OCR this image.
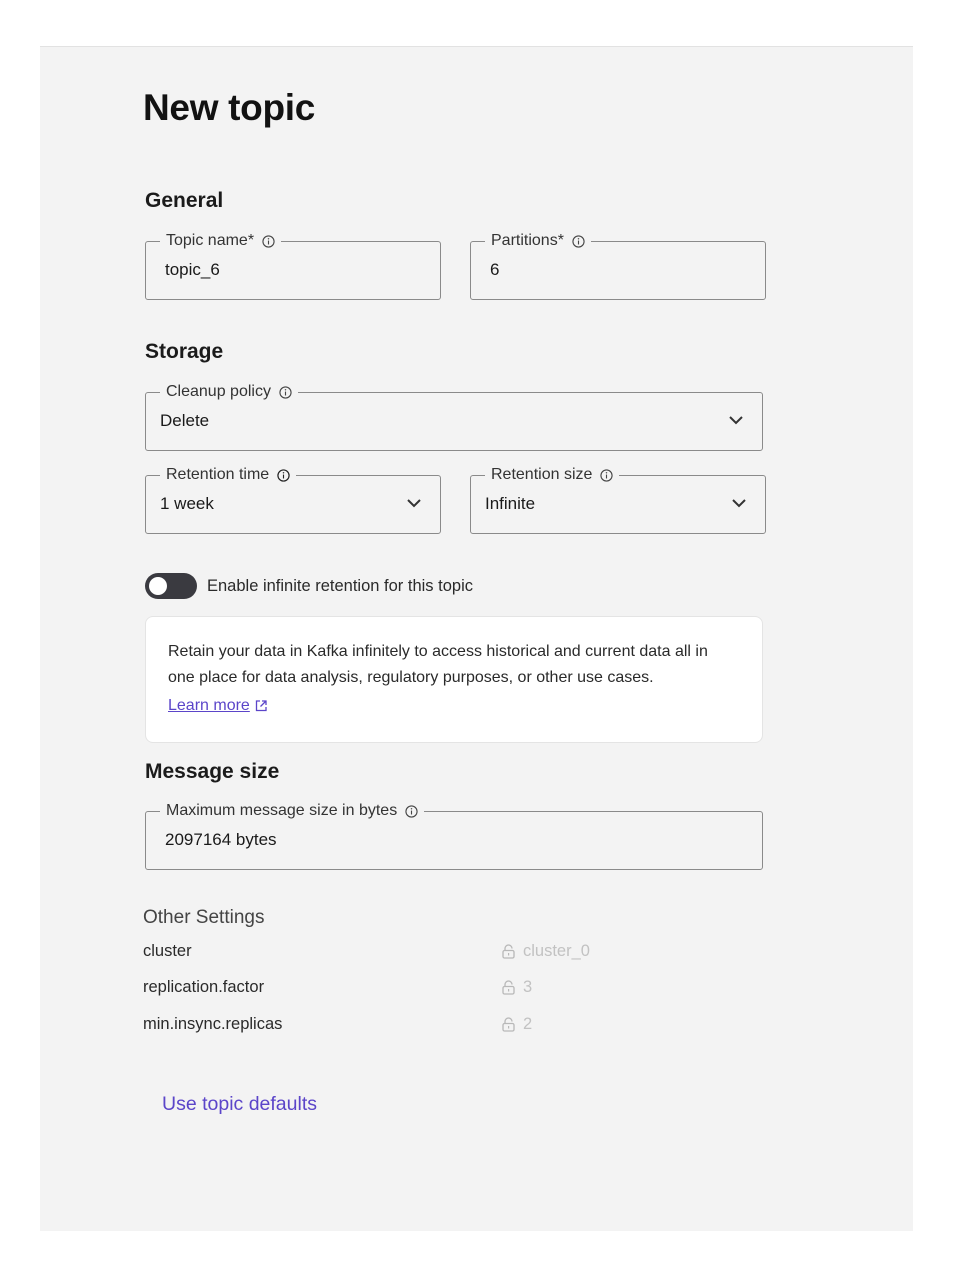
New topic
General
Topic name*
topic_6
Partitions*
6
Storage
Cleanup policy
Delete
Retention time
1 week
Retention size
Infinite
Enable infinite retention for this topic
Retain your data in Kafka infinitely to access historical and current data all in one place for data analysis, regulatory purposes, or other use cases.
Learn more
Message size
Maximum message size in bytes
2097164 bytes
Other Settings
cluster	cluster_0
replication.factor	3
min.insync.replicas	2
Use topic defaults
